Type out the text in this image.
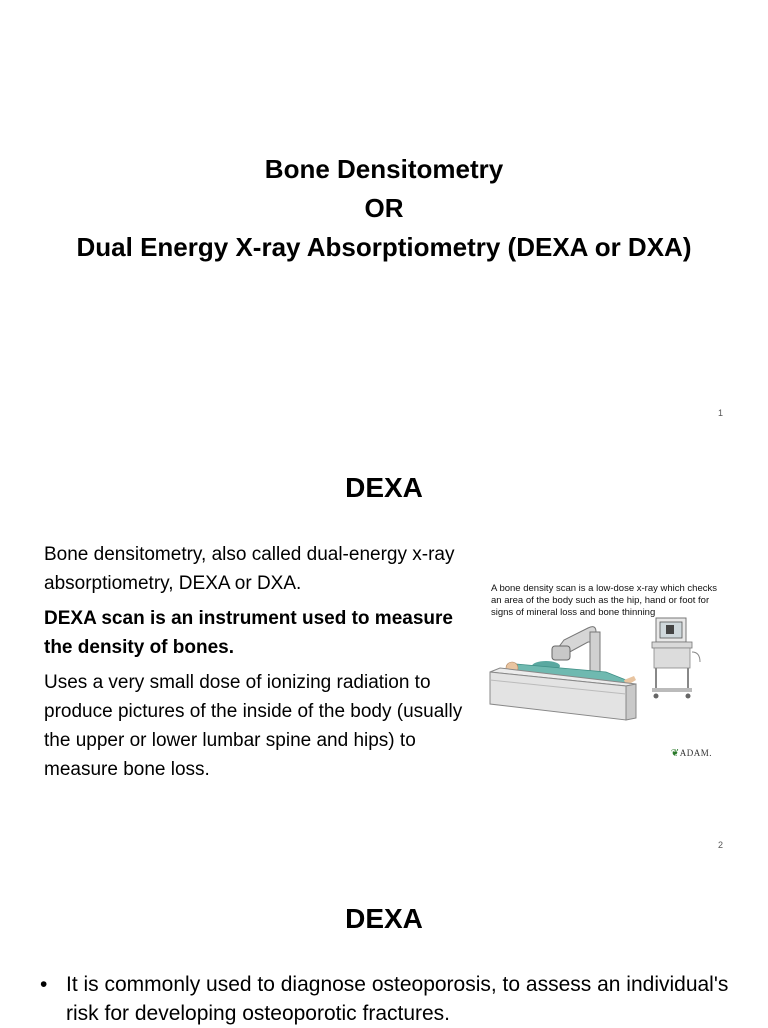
Bone Densitometry
OR
Dual Energy X-ray Absorptiometry (DEXA or DXA)
1
DEXA

Bone densitometry, also called dual-energy x-ray absorptiometry, DEXA or DXA.

DEXA scan is an instrument used to measure the density of bones.

Uses a very small dose of ionizing radiation to produce pictures of the inside of the body (usually the upper or lower lumbar spine and hips) to measure bone loss.

A bone density scan is a low-dose x-ray which checks an area of the body such as the hip, hand or foot for signs of mineral loss and bone thinning
❦ADAM.
2
DEXA
• It is commonly used to diagnose osteoporosis, to assess an individual's risk for developing osteoporotic fractures.
